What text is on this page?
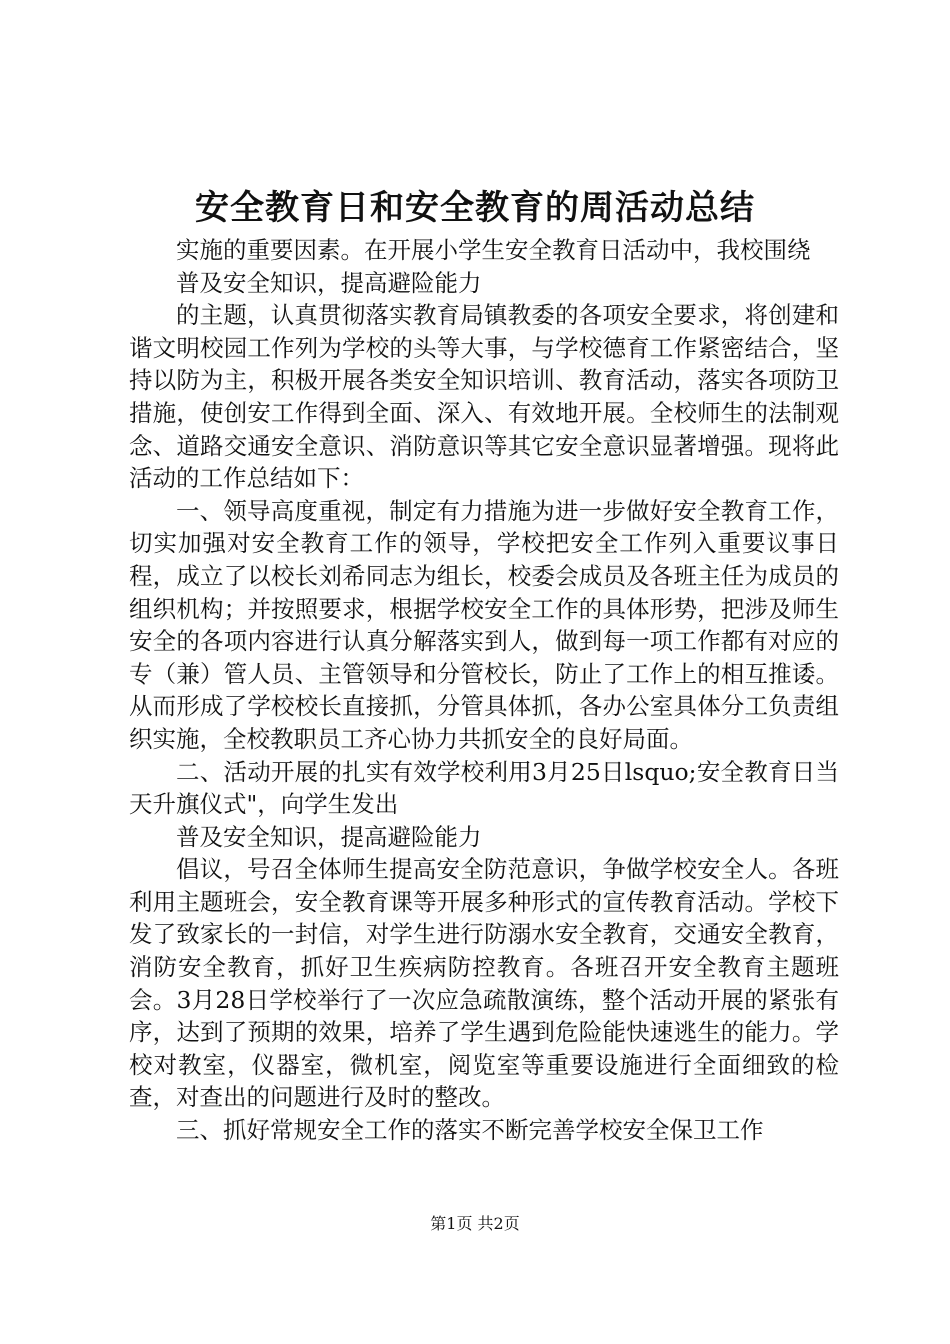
安全教育日和安全教育的周活动总结

实施的重要因素。在开展小学生安全教育日活动中，我校围绕

普及安全知识，提高避险能力

的主题，认真贯彻落实教育局镇教委的各项安全要求，将创建和谐文明校园工作列为学校的头等大事，与学校德育工作紧密结合，坚持以防为主，积极开展各类安全知识培训、教育活动，落实各项防卫措施，使创安工作得到全面、深入、有效地开展。全校师生的法制观念、道路交通安全意识、消防意识等其它安全意识显著增强。现将此活动的工作总结如下：

一、领导高度重视，制定有力措施为进一步做好安全教育工作，切实加强对安全教育工作的领导，学校把安全工作列入重要议事日程，成立了以校长刘希同志为组长，校委会成员及各班主任为成员的组织机构；并按照要求，根据学校安全工作的具体形势，把涉及师生安全的各项内容进行认真分解落实到人，做到每一项工作都有对应的专（兼）管人员、主管领导和分管校长，防止了工作上的相互推诿。从而形成了学校校长直接抓，分管具体抓，各办公室具体分工负责组织实施，全校教职员工齐心协力共抓安全的良好局面。

二、活动开展的扎实有效学校利用3月25日lsquo;安全教育日当天升旗仪式"，向学生发出

普及安全知识，提高避险能力

倡议，号召全体师生提高安全防范意识，争做学校安全人。各班利用主题班会，安全教育课等开展多种形式的宣传教育活动。学校下发了致家长的一封信，对学生进行防溺水安全教育，交通安全教育，消防安全教育，抓好卫生疾病防控教育。各班召开安全教育主题班会。3月28日学校举行了一次应急疏散演练，整个活动开展的紧张有序，达到了预期的效果，培养了学生遇到危险能快速逃生的能力。学校对教室，仪器室，微机室，阅览室等重要设施进行全面细致的检查，对查出的问题进行及时的整改。

三、抓好常规安全工作的落实不断完善学校安全保卫工作

第1页 共2页
